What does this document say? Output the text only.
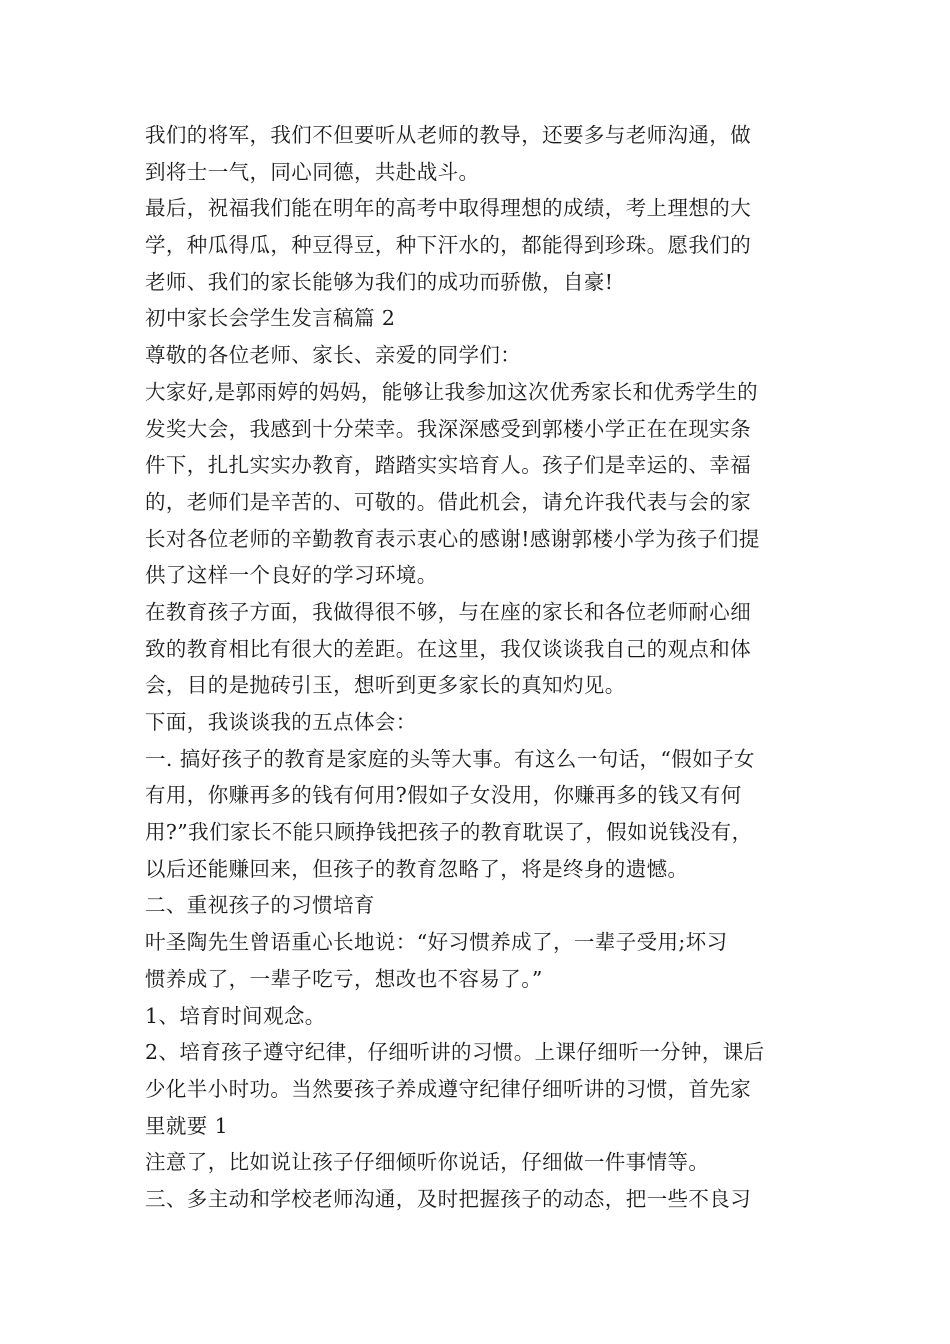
我们的将军，我们不但要听从老师的教导，还要多与老师沟通，做
到将士一气，同心同德，共赴战斗。
最后，祝福我们能在明年的高考中取得理想的成绩，考上理想的大
学，种瓜得瓜，种豆得豆，种下汗水的，都能得到珍珠。愿我们的
老师、我们的家长能够为我们的成功而骄傲，自豪!
初中家长会学生发言稿篇 2
尊敬的各位老师、家长、亲爱的同学们：
大家好,是郭雨婷的妈妈，能够让我参加这次优秀家长和优秀学生的
发奖大会，我感到十分荣幸。我深深感受到郭楼小学正在在现实条
件下，扎扎实实办教育，踏踏实实培育人。孩子们是幸运的、幸福
的，老师们是辛苦的、可敬的。借此机会，请允许我代表与会的家
长对各位老师的辛勤教育表示衷心的感谢!感谢郭楼小学为孩子们提
供了这样一个良好的学习环境。
在教育孩子方面，我做得很不够，与在座的家长和各位老师耐心细
致的教育相比有很大的差距。在这里，我仅谈谈我自己的观点和体
会，目的是抛砖引玉，想听到更多家长的真知灼见。
下面，我谈谈我的五点体会：
一. 搞好孩子的教育是家庭的头等大事。有这么一句话，“假如子女
有用，你赚再多的钱有何用?假如子女没用，你赚再多的钱又有何
用?”我们家长不能只顾挣钱把孩子的教育耽误了，假如说钱没有，
以后还能赚回来，但孩子的教育忽略了，将是终身的遗憾。
二、重视孩子的习惯培育
叶圣陶先生曾语重心长地说：“好习惯养成了，一辈子受用;坏习
惯养成了，一辈子吃亏，想改也不容易了。”
1、培育时间观念。
2、培育孩子遵守纪律，仔细听讲的习惯。上课仔细听一分钟，课后
少化半小时功。当然要孩子养成遵守纪律仔细听讲的习惯，首先家
里就要 1
注意了，比如说让孩子仔细倾听你说话，仔细做一件事情等。
三、多主动和学校老师沟通，及时把握孩子的动态，把一些不良习
